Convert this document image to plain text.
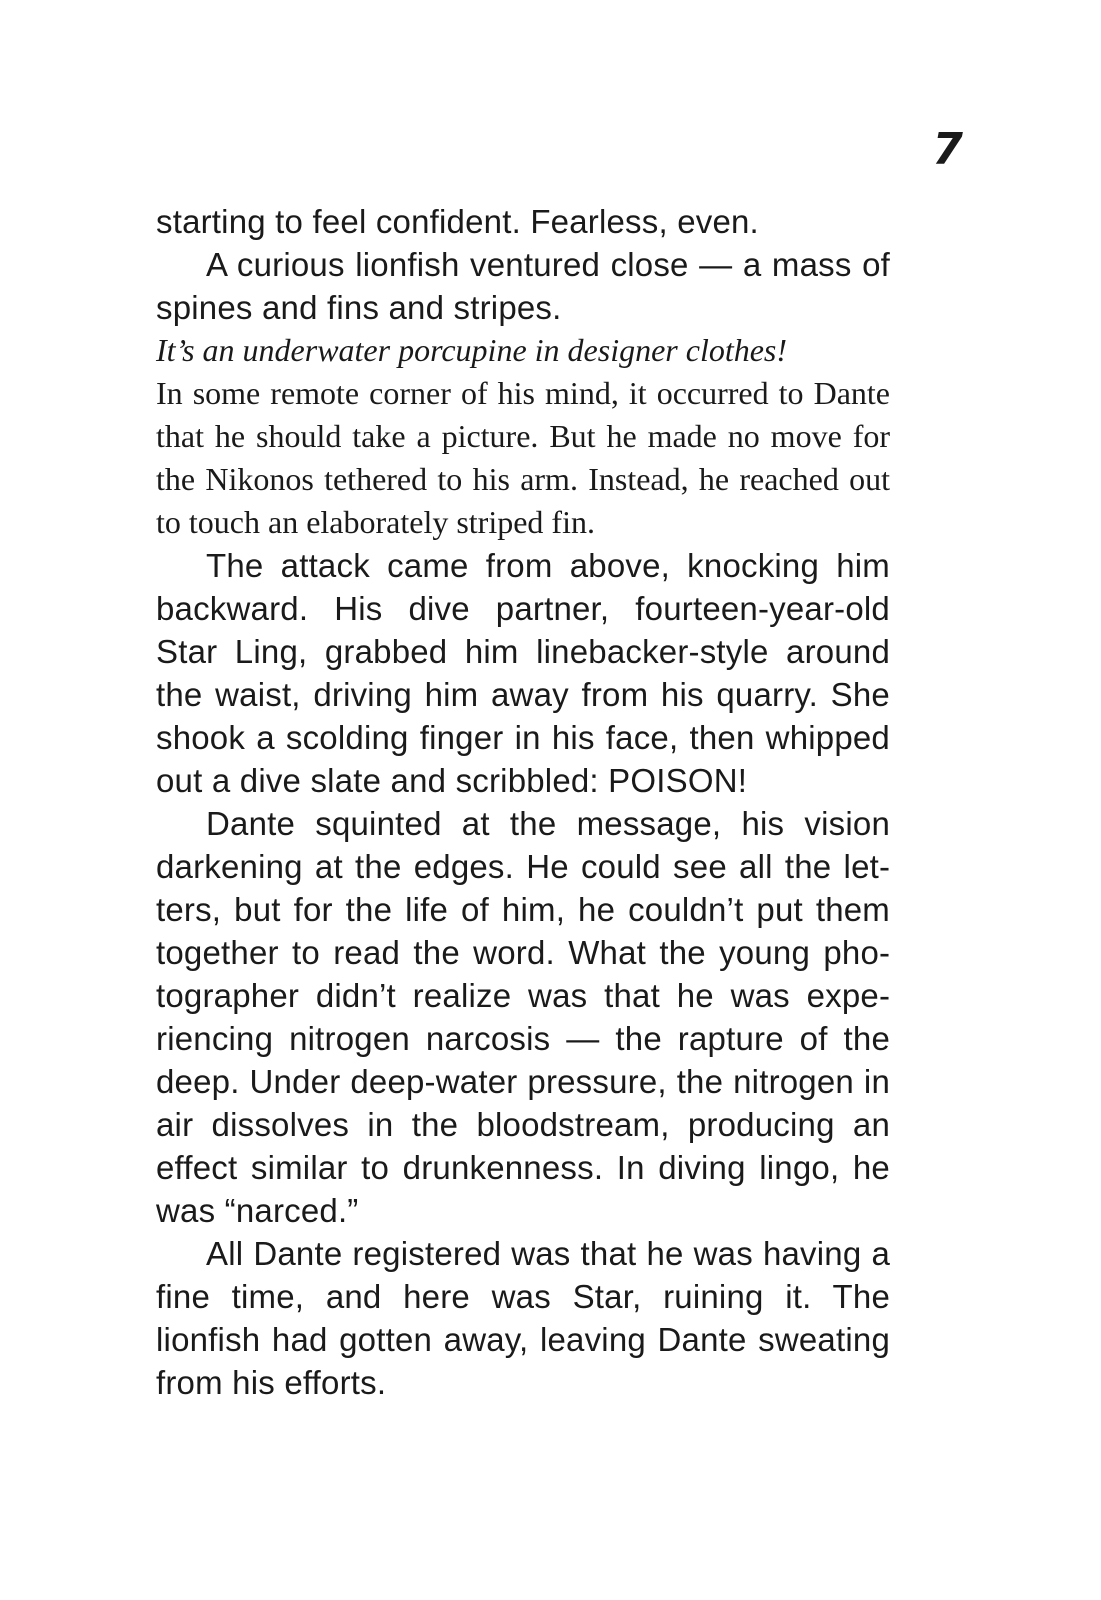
7

starting to feel confident. Fearless, even.

A curious lionfish ventured close — a mass of spines and fins and stripes.

It’s an underwater porcupine in designer clothes!

In some remote corner of his mind, it occurred to Dante that he should take a picture. But he made no move for the Nikonos tethered to his arm. Instead, he reached out to touch an elaborately striped fin.

The attack came from above, knocking him backward. His dive partner, fourteen-year-old Star Ling, grabbed him linebacker-style around the waist, driving him away from his quarry. She shook a scolding finger in his face, then whipped out a dive slate and scribbled: POISON!

Dante squinted at the message, his vision darkening at the edges. He could see all the letters, but for the life of him, he couldn’t put them together to read the word. What the young photographer didn’t realize was that he was experiencing nitrogen narcosis — the rapture of the deep. Under deep-water pressure, the nitrogen in air dissolves in the bloodstream, producing an effect similar to drunkenness. In diving lingo, he was “narced.”

All Dante registered was that he was having a fine time, and here was Star, ruining it. The lionfish had gotten away, leaving Dante sweating from his efforts.
